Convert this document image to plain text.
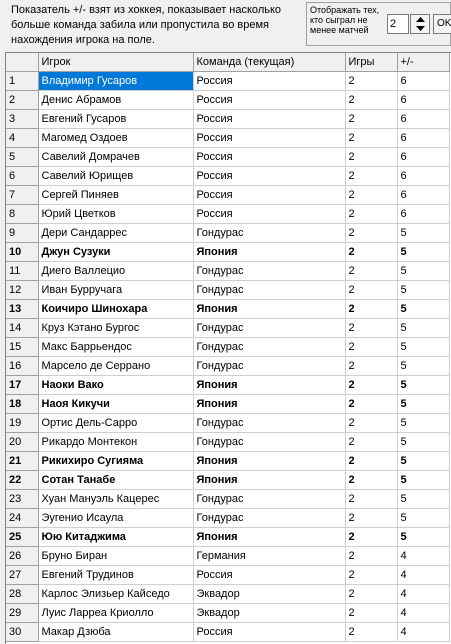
Показатель +/- взят из хоккея, показывает насколько больше команда забила или пропустила во время нахождения игрока на поле.
Отображать тех, кто сыграл не менее матчей
2
OK
	Игрок	Команда (текущая)	Игры	+/-
1	Владимир Гусаров	Россия	2	6
2	Денис Абрамов	Россия	2	6
3	Евгений Гусаров	Россия	2	6
4	Магомед Оздоев	Россия	2	6
5	Савелий Домрачев	Россия	2	6
6	Савелий Юрищев	Россия	2	6
7	Сергей Пиняев	Россия	2	6
8	Юрий Цветков	Россия	2	6
9	Дери Сандаррес	Гондурас	2	5
10	Джун Сузуки	Япония	2	5
11	Диего Валлецио	Гондурас	2	5
12	Иван Бурручага	Гондурас	2	5
13	Коичиро Шинохара	Япония	2	5
14	Круз Кэтано Бургос	Гондурас	2	5
15	Макс Баррьендос	Гондурас	2	5
16	Марсело де Серрано	Гондурас	2	5
17	Наоки Вако	Япония	2	5
18	Наоя Кикучи	Япония	2	5
19	Ортис Дель-Сарро	Гондурас	2	5
20	Рикардо Монтекон	Гондурас	2	5
21	Рикихиро Сугияма	Япония	2	5
22	Сотан Танабе	Япония	2	5
23	Хуан Мануэль Кацерес	Гондурас	2	5
24	Эугенио Исаула	Гондурас	2	5
25	Юю Китаджима	Япония	2	5
26	Бруно Биран	Германия	2	4
27	Евгений Трудинов	Россия	2	4
28	Карлос Элизьер Кайседо	Эквадор	2	4
29	Луис Ларреа Криолло	Эквадор	2	4
30	Макар Дзюба	Россия	2	4
